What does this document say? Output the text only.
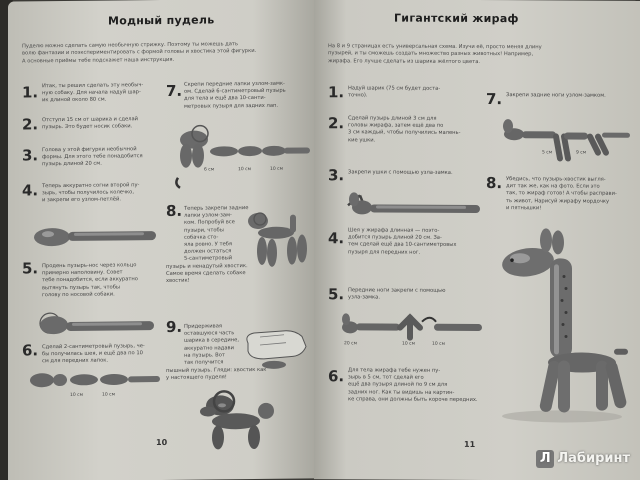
Модный пудель
Пуделю можно сделать самую необычную стрижку. Поэтому ты можешь дать
волю фантазии и поэкспериментировать с формой головы и хвостика этой фигурки.
А основные приёмы тебе подскажет наша инструкция.
1. Итак, ты решил сделать эту необыч-
ную собаку. Для начала надуй шар-
ик длиной около 80 см.
2. Отступи 15 см от шарика и сделай
пузырь. Это будет носик собаки.
3. Голова у этой фигурки необычной
формы. Для этого тебе понадобится
пузырь длиной 20 см.
4. Теперь аккуратно согни второй пу-
зырь, чтобы получилось колечко,
и закрепи его узлом-петлёй.
5. Продень пузырь-нос через кольцо
примерно наполовину. Совет
тебе понадобится, если аккуратно
вытянуть пузырь так, чтобы
голову по носовой собаки.
6. Сделай 2-сантиметровый пузырь, че-
бы получилась шея, и ещё два по 10
см для передних лапок.
10 см	10 см
7. Скрепи передние лапки узлом-замк-
ом. Сделай 6-сантиметровый пузырь
для тела и ещё два 10-санти-
метровых пузыря для задних лап.
6 см	10 см	10 см
8. Теперь закрепи задние
лапки узлом-зам-
ком. Попробуй все
пузыри, чтобы
собачка сто-
яла ровно. У тебя
должен остаться
5-сантиметровый
пузырь и ненадутый хвостик.
Самое время сделать собаке
хвостик!
9. Придерживая
оставшуюся часть
шарика в середине,
аккуратно надави
на пузырь. Вот
так получится
пышный пузырь. Гляди: хвостик как
у настоящего пуделя!
10
Гигантский жираф
На 8 и 9 страницах есть универсальная схема. Изучи её, просто меняя длину
пузырей, и ты сможешь создать множество разных животных! Например,
жирафа. Его лучше сделать из шарика жёлтого цвета.
1. Надуй шарик (75 см будет доста-
точно).
2. Сделай пузырь длиной 3 см для
головы жирафа, затем ещё два по
3 см каждый, чтобы получились малень-
кие ушки.
3. Закрепи ушки с помощью узла-замка.
4. Шея у жирафа длинная — поэто-
добится пузырь длиной 20 см. За-
тем сделай ещё два 10-сантиметровых
пузыря для передних ног.
5. Передние ноги закрепи с помощью
узла-замка.
20 см	10 см	10 см
6. Для тела жирафа тебе нужен пу-
зырь в 5 см, тот сделай его
ещё два пузыря длиной по 9 см для
задних ног. Как ты видишь на картин-
ке справа, они должны быть короче передних.
7. Закрепи задние ноги узлом-замком.
5 см	9 см
8. Убедись, что пузырь-хвостик выгля-
дит так же, как на фото. Если это
так, то жираф готов! А чтобы расправи-
ть живот, Нарисуй жирафу мордочку
и пятнышки!
11
Л Лабиринт
